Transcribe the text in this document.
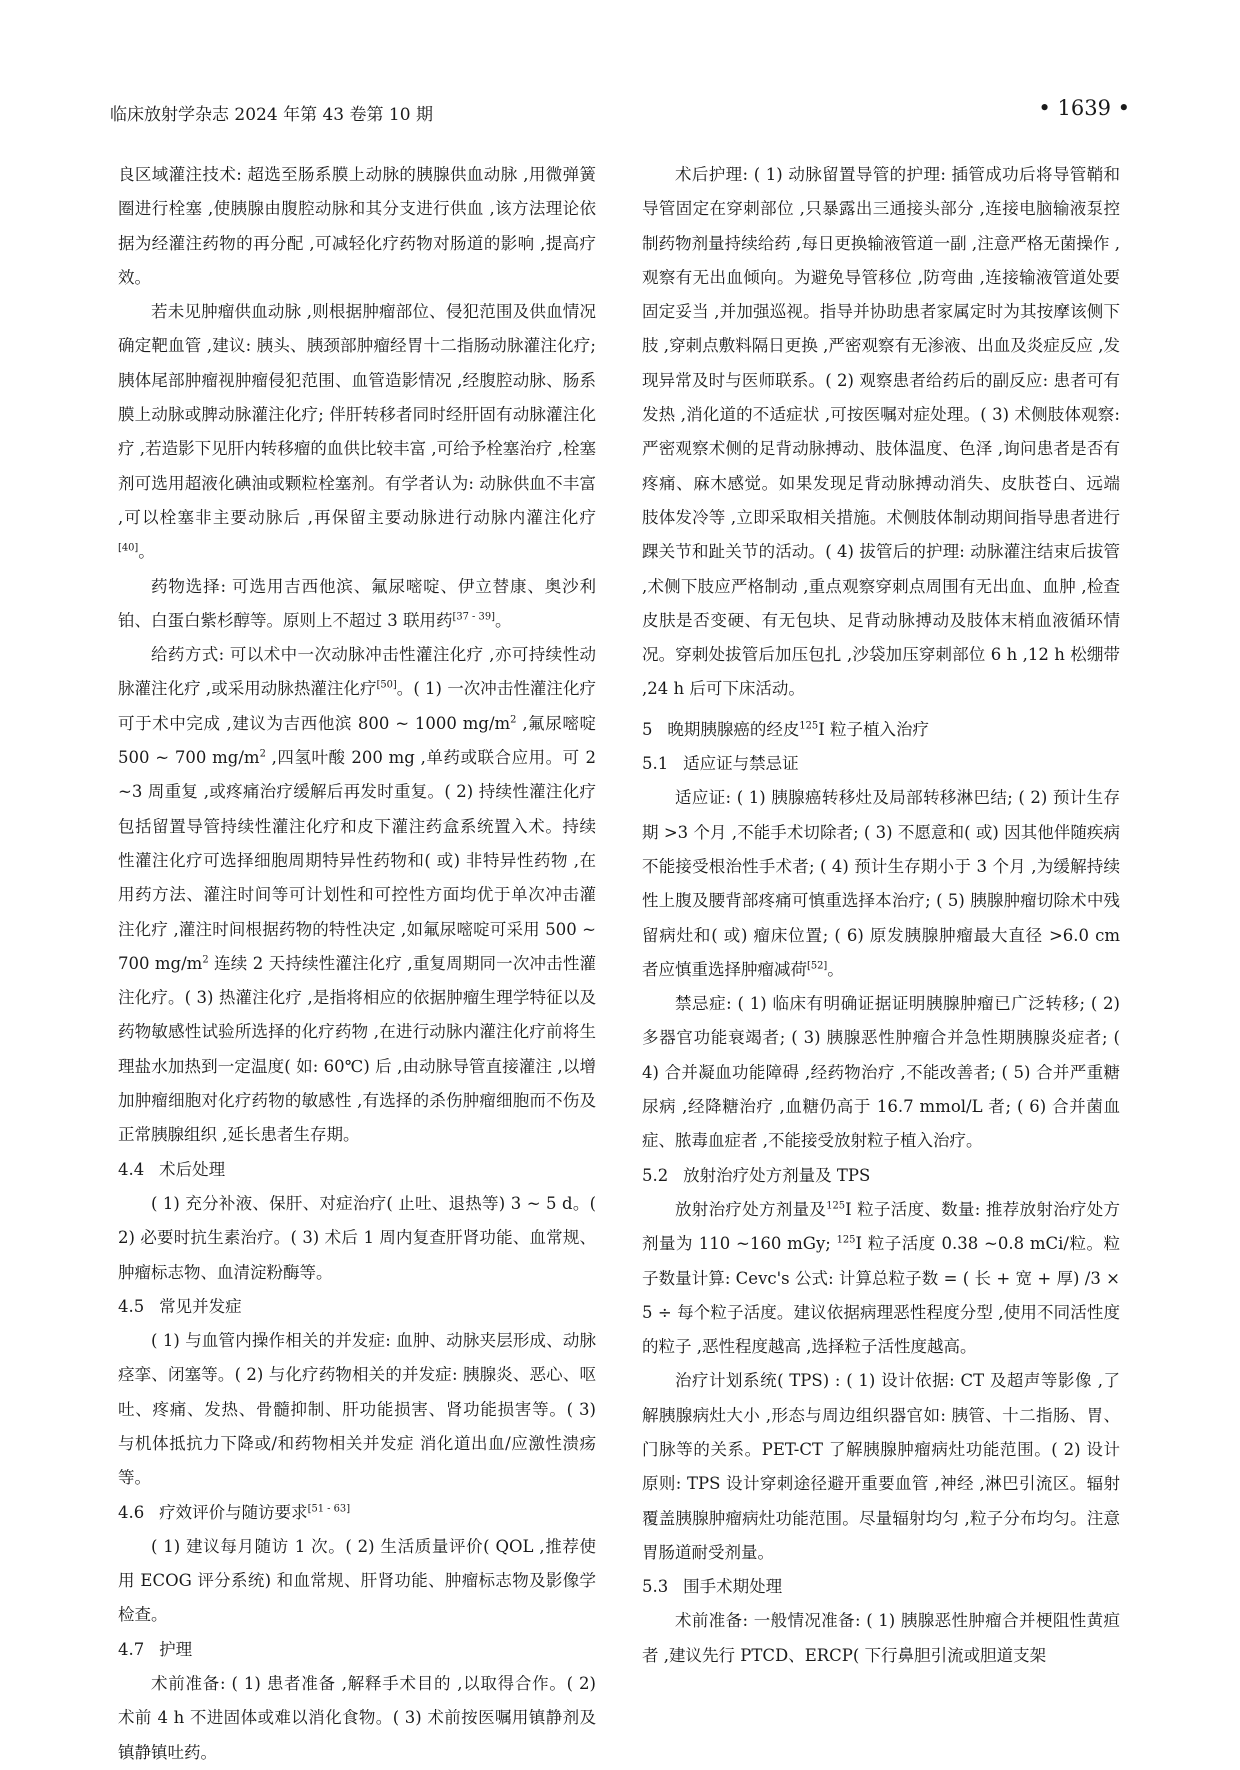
临床放射学杂志 2024 年第 43 卷第 10 期	• 1639 •

良区域灌注技术: 超选至肠系膜上动脉的胰腺供血动脉 ,用微弹簧圈进行栓塞 ,使胰腺由腹腔动脉和其分支进行供血 ,该方法理论依据为经灌注药物的再分配 ,可减轻化疗药物对肠道的影响 ,提高疗效。

若未见肿瘤供血动脉 ,则根据肿瘤部位、侵犯范围及供血情况确定靶血管 ,建议: 胰头、胰颈部肿瘤经胃十二指肠动脉灌注化疗; 胰体尾部肿瘤视肿瘤侵犯范围、血管造影情况 ,经腹腔动脉、肠系膜上动脉或脾动脉灌注化疗; 伴肝转移者同时经肝固有动脉灌注化疗 ,若造影下见肝内转移瘤的血供比较丰富 ,可给予栓塞治疗 ,栓塞剂可选用超液化碘油或颗粒栓塞剂。有学者认为: 动脉供血不丰富 ,可以栓塞非主要动脉后 ,再保留主要动脉进行动脉内灌注化疗[40]。

药物选择: 可选用吉西他滨、氟尿嘧啶、伊立替康、奥沙利铂、白蛋白紫杉醇等。原则上不超过 3 联用药[37 - 39]。

给药方式: 可以术中一次动脉冲击性灌注化疗 ,亦可持续性动脉灌注化疗 ,或采用动脉热灌注化疗[50]。( 1) 一次冲击性灌注化疗可于术中完成 ,建议为吉西他滨 800 ~ 1000 $mg/m^2$ ,氟尿嘧啶 500 ~ 700 $mg/m^2$ ,四氢叶酸 200 mg ,单药或联合应用。可 2 ~3 周重复 ,或疼痛治疗缓解后再发时重复。( 2) 持续性灌注化疗包括留置导管持续性灌注化疗和皮下灌注药盒系统置入术。持续性灌注化疗可选择细胞周期特异性药物和( 或) 非特异性药物 ,在用药方法、灌注时间等可计划性和可控性方面均优于单次冲击灌注化疗 ,灌注时间根据药物的特性决定 ,如氟尿嘧啶可采用 500 ~ 700 $mg/m^2$ 连续 2 天持续性灌注化疗 ,重复周期同一次冲击性灌注化疗。( 3) 热灌注化疗 ,是指将相应的依据肿瘤生理学特征以及药物敏感性试验所选择的化疗药物 ,在进行动脉内灌注化疗前将生理盐水加热到一定温度( 如: 60℃) 后 ,由动脉导管直接灌注 ,以增加肿瘤细胞对化疗药物的敏感性 ,有选择的杀伤肿瘤细胞而不伤及正常胰腺组织 ,延长患者生存期。

4.4 术后处理

( 1) 充分补液、保肝、对症治疗( 止吐、退热等) 3 ~ 5 d。( 2) 必要时抗生素治疗。( 3) 术后 1 周内复查肝肾功能、血常规、肿瘤标志物、血清淀粉酶等。

4.5 常见并发症

( 1) 与血管内操作相关的并发症: 血肿、动脉夹层形成、动脉痉挛、闭塞等。( 2) 与化疗药物相关的并发症: 胰腺炎、恶心、呕吐、疼痛、发热、骨髓抑制、肝功能损害、肾功能损害等。( 3) 与机体抵抗力下降或/和药物相关并发症 消化道出血/应激性溃疡等。

4.6 疗效评价与随访要求[51 - 63]

( 1) 建议每月随访 1 次。( 2) 生活质量评价( QOL ,推荐使用 ECOG 评分系统) 和血常规、肝肾功能、肿瘤标志物及影像学检查。

4.7 护理

术前准备: ( 1) 患者准备 ,解释手术目的 ,以取得合作。( 2) 术前 4 h 不进固体或难以消化食物。( 3) 术前按医嘱用镇静剂及镇静镇吐药。

术后护理: ( 1) 动脉留置导管的护理: 插管成功后将导管鞘和导管固定在穿刺部位 ,只暴露出三通接头部分 ,连接电脑输液泵控制药物剂量持续给药 ,每日更换输液管道一副 ,注意严格无菌操作 ,观察有无出血倾向。为避免导管移位 ,防弯曲 ,连接输液管道处要固定妥当 ,并加强巡视。指导并协助患者家属定时为其按摩该侧下肢 ,穿刺点敷料隔日更换 ,严密观察有无渗液、出血及炎症反应 ,发现异常及时与医师联系。( 2) 观察患者给药后的副反应: 患者可有发热 ,消化道的不适症状 ,可按医嘱对症处理。( 3) 术侧肢体观察: 严密观察术侧的足背动脉搏动、肢体温度、色泽 ,询问患者是否有疼痛、麻木感觉。如果发现足背动脉搏动消失、皮肤苍白、远端肢体发冷等 ,立即采取相关措施。术侧肢体制动期间指导患者进行踝关节和趾关节的活动。( 4) 拔管后的护理: 动脉灌注结束后拔管 ,术侧下肢应严格制动 ,重点观察穿刺点周围有无出血、血肿 ,检查皮肤是否变硬、有无包块、足背动脉搏动及肢体末梢血液循环情况。穿刺处拔管后加压包扎 ,沙袋加压穿刺部位 6 h ,12 h 松绷带 ,24 h 后可下床活动。

5 晚期胰腺癌的经皮$^{125}$I 粒子植入治疗
5.1 适应证与禁忌证

适应证: ( 1) 胰腺癌转移灶及局部转移淋巴结; ( 2) 预计生存期 >3 个月 ,不能手术切除者; ( 3) 不愿意和( 或) 因其他伴随疾病不能接受根治性手术者; ( 4) 预计生存期小于 3 个月 ,为缓解持续性上腹及腰背部疼痛可慎重选择本治疗; ( 5) 胰腺肿瘤切除术中残留病灶和( 或) 瘤床位置; ( 6) 原发胰腺肿瘤最大直径 >6.0 cm 者应慎重选择肿瘤减荷[52]。

禁忌症: ( 1) 临床有明确证据证明胰腺肿瘤已广泛转移; ( 2) 多器官功能衰竭者; ( 3) 胰腺恶性肿瘤合并急性期胰腺炎症者; ( 4) 合并凝血功能障碍 ,经药物治疗 ,不能改善者; ( 5) 合并严重糖尿病 ,经降糖治疗 ,血糖仍高于 16.7 mmol/L 者; ( 6) 合并菌血症、脓毒血症者 ,不能接受放射粒子植入治疗。

5.2 放射治疗处方剂量及 TPS

放射治疗处方剂量及$^{125}$I 粒子活度、数量: 推荐放射治疗处方剂量为 110 ~160 mGy; $^{125}$I 粒子活度 0.38 ~0.8 mCi/粒。粒子数量计算: Cevc's 公式: 计算总粒子数 = ( 长 + 宽 + 厚) /3 × 5 ÷ 每个粒子活度。建议依据病理恶性程度分型 ,使用不同活性度的粒子 ,恶性程度越高 ,选择粒子活性度越高。

治疗计划系统( TPS) : ( 1) 设计依据: CT 及超声等影像 ,了解胰腺病灶大小 ,形态与周边组织器官如: 胰管、十二指肠、胃、门脉等的关系。PET-CT 了解胰腺肿瘤病灶功能范围。( 2) 设计原则: TPS 设计穿刺途径避开重要血管 ,神经 ,淋巴引流区。辐射覆盖胰腺肿瘤病灶功能范围。尽量辐射均匀 ,粒子分布均匀。注意胃肠道耐受剂量。

5.3 围手术期处理

术前准备: 一般情况准备: ( 1) 胰腺恶性肿瘤合并梗阻性黄疸者 ,建议先行 PTCD、ERCP( 下行鼻胆引流或胆道支架
